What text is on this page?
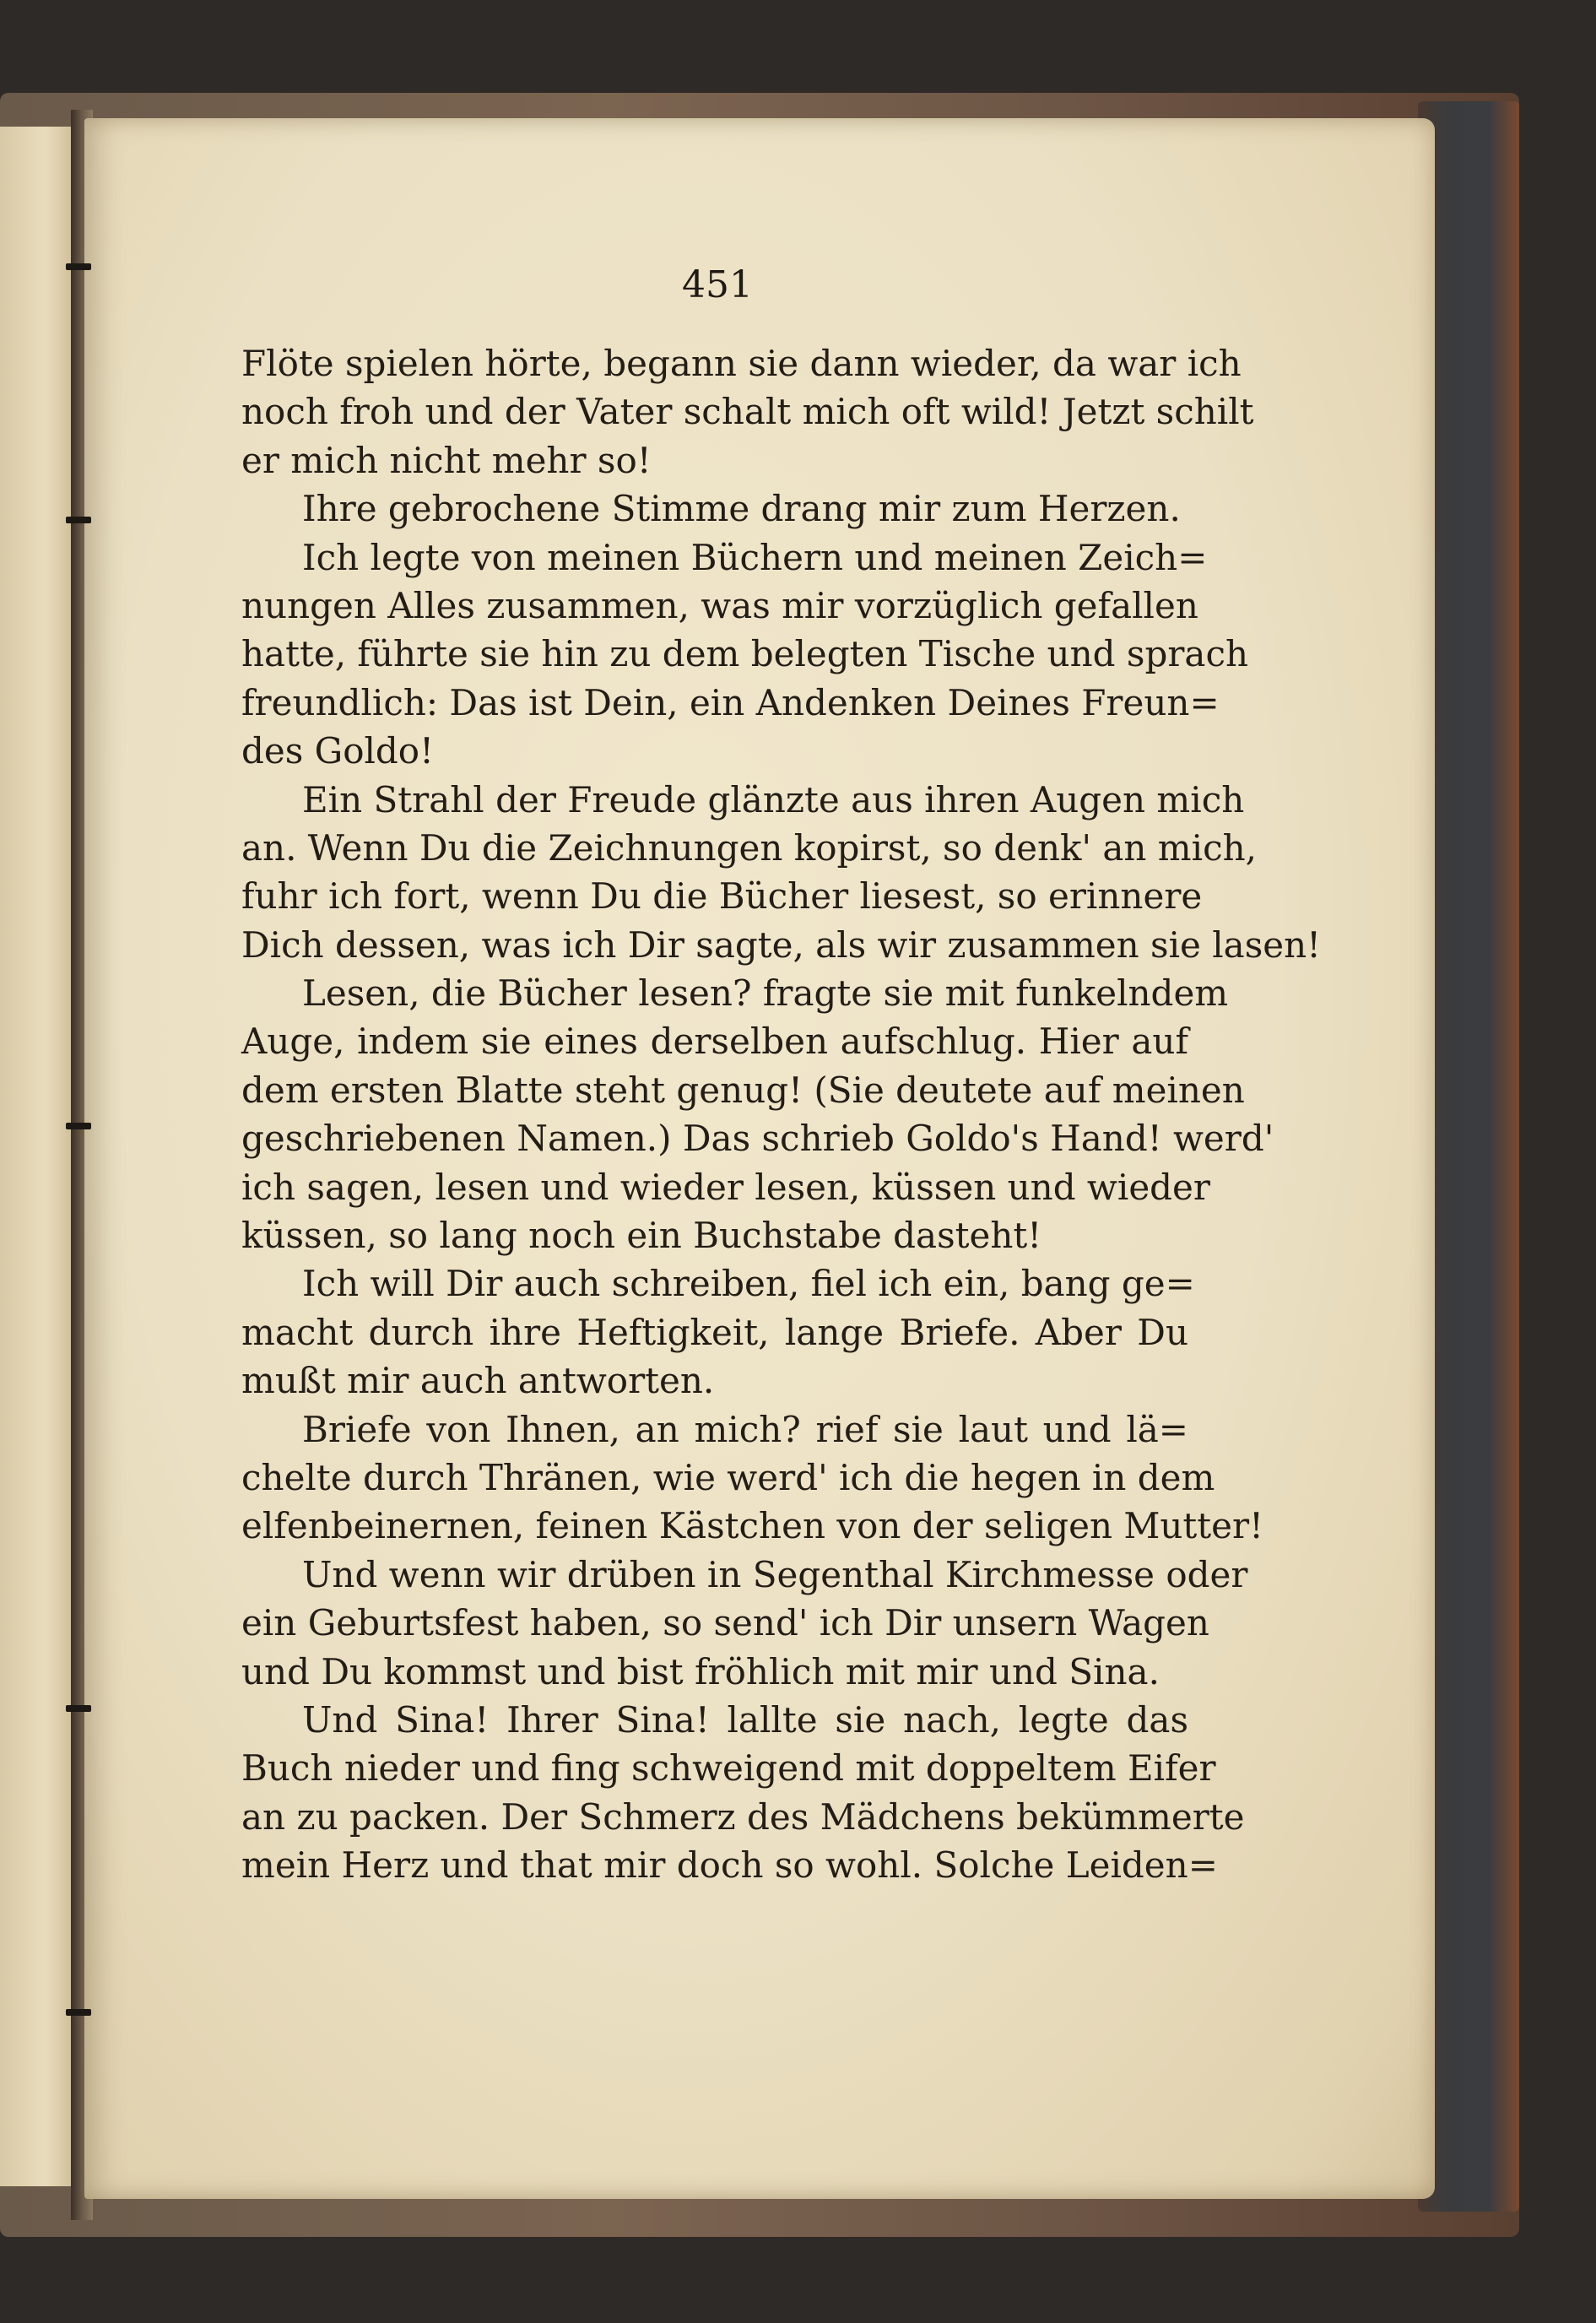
451
Flöte spielen hörte, begann sie dann wieder, da war ich
noch froh und der Vater schalt mich oft wild! Jetzt schilt
er mich nicht mehr so!
Ihre gebrochene Stimme drang mir zum Herzen.
Ich legte von meinen Büchern und meinen Zeich=
nungen Alles zusammen, was mir vorzüglich gefallen
hatte, führte sie hin zu dem belegten Tische und sprach
freundlich: Das ist Dein, ein Andenken Deines Freun=
des Goldo!
Ein Strahl der Freude glänzte aus ihren Augen mich
an. Wenn Du die Zeichnungen kopirst, so denk' an mich,
fuhr ich fort, wenn Du die Bücher liesest, so erinnere
Dich dessen, was ich Dir sagte, als wir zusammen sie lasen!
Lesen, die Bücher lesen? fragte sie mit funkelndem
Auge, indem sie eines derselben aufschlug. Hier auf
dem ersten Blatte steht genug! (Sie deutete auf meinen
geschriebenen Namen.) Das schrieb Goldo's Hand! werd'
ich sagen, lesen und wieder lesen, küssen und wieder
küssen, so lang noch ein Buchstabe dasteht!
Ich will Dir auch schreiben, fiel ich ein, bang ge=
macht durch ihre Heftigkeit, lange Briefe. Aber Du
mußt mir auch antworten.
Briefe von Ihnen, an mich? rief sie laut und lä=
chelte durch Thränen, wie werd' ich die hegen in dem
elfenbeinernen, feinen Kästchen von der seligen Mutter!
Und wenn wir drüben in Segenthal Kirchmesse oder
ein Geburtsfest haben, so send' ich Dir unsern Wagen
und Du kommst und bist fröhlich mit mir und Sina.
Und Sina! Ihrer Sina! lallte sie nach, legte das
Buch nieder und fing schweigend mit doppeltem Eifer
an zu packen. Der Schmerz des Mädchens bekümmerte
mein Herz und that mir doch so wohl. Solche Leiden=
